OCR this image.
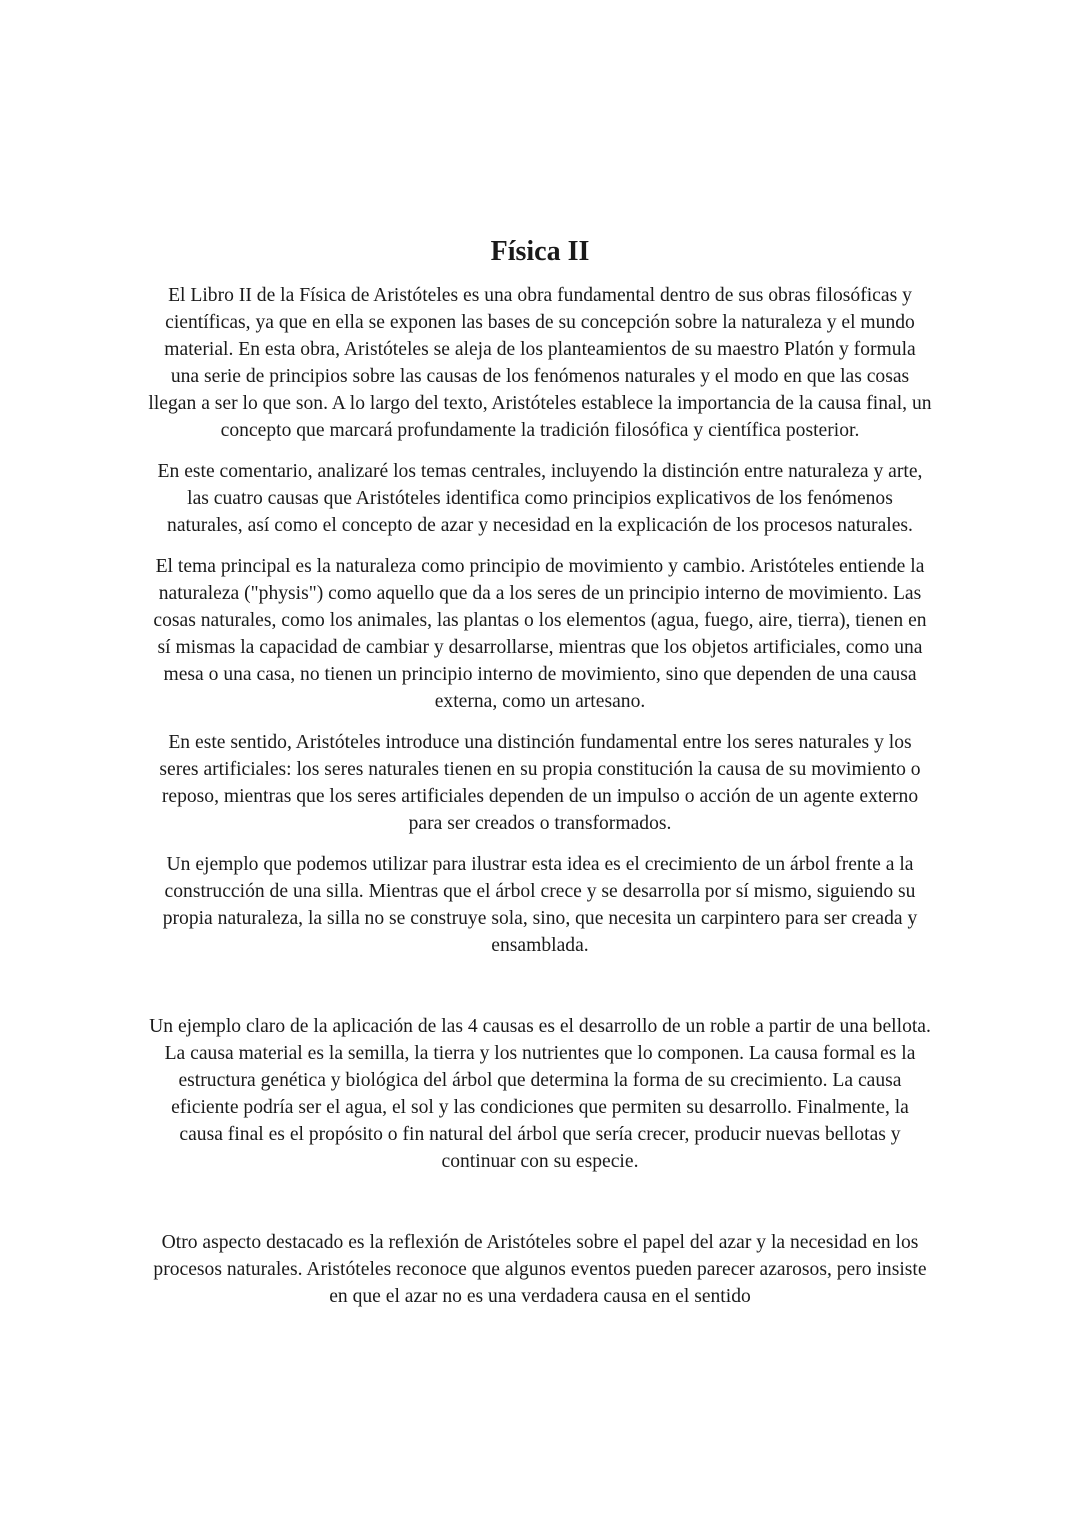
Física II

El Libro II de la Física de Aristóteles es una obra fundamental dentro de sus obras filosóficas y científicas, ya que en ella se exponen las bases de su concepción sobre la naturaleza y el mundo material. En esta obra, Aristóteles se aleja de los planteamientos de su maestro Platón y formula una serie de principios sobre las causas de los fenómenos naturales y el modo en que las cosas llegan a ser lo que son. A lo largo del texto, Aristóteles establece la importancia de la causa final, un concepto que marcará profundamente la tradición filosófica y científica posterior.

En este comentario, analizaré los temas centrales, incluyendo la distinción entre naturaleza y arte, las cuatro causas que Aristóteles identifica como principios explicativos de los fenómenos naturales, así como el concepto de azar y necesidad en la explicación de los procesos naturales.

El tema principal es la naturaleza como principio de movimiento y cambio. Aristóteles entiende la naturaleza ("physis") como aquello que da a los seres de un principio interno de movimiento. Las cosas naturales, como los animales, las plantas o los elementos (agua, fuego, aire, tierra), tienen en sí mismas la capacidad de cambiar y desarrollarse, mientras que los objetos artificiales, como una mesa o una casa, no tienen un principio interno de movimiento, sino que dependen de una causa externa, como un artesano.

En este sentido, Aristóteles introduce una distinción fundamental entre los seres naturales y los seres artificiales: los seres naturales tienen en su propia constitución la causa de su movimiento o reposo, mientras que los seres artificiales dependen de un impulso o acción de un agente externo para ser creados o transformados.

Un ejemplo que podemos utilizar para ilustrar esta idea es el crecimiento de un árbol frente a la construcción de una silla. Mientras que el árbol crece y se desarrolla por sí mismo, siguiendo su propia naturaleza, la silla no se construye sola, sino, que necesita un carpintero para ser creada y ensamblada.

Un ejemplo claro de la aplicación de las 4 causas es el desarrollo de un roble a partir de una bellota. La causa material es la semilla, la tierra y los nutrientes que lo componen. La causa formal es la estructura genética y biológica del árbol que determina la forma de su crecimiento. La causa eficiente podría ser el agua, el sol y las condiciones que permiten su desarrollo. Finalmente, la causa final es el propósito o fin natural del árbol que sería crecer, producir nuevas bellotas y continuar con su especie.

Otro aspecto destacado es la reflexión de Aristóteles sobre el papel del azar y la necesidad en los procesos naturales. Aristóteles reconoce que algunos eventos pueden parecer azarosos, pero insiste en que el azar no es una verdadera causa en el sentido
